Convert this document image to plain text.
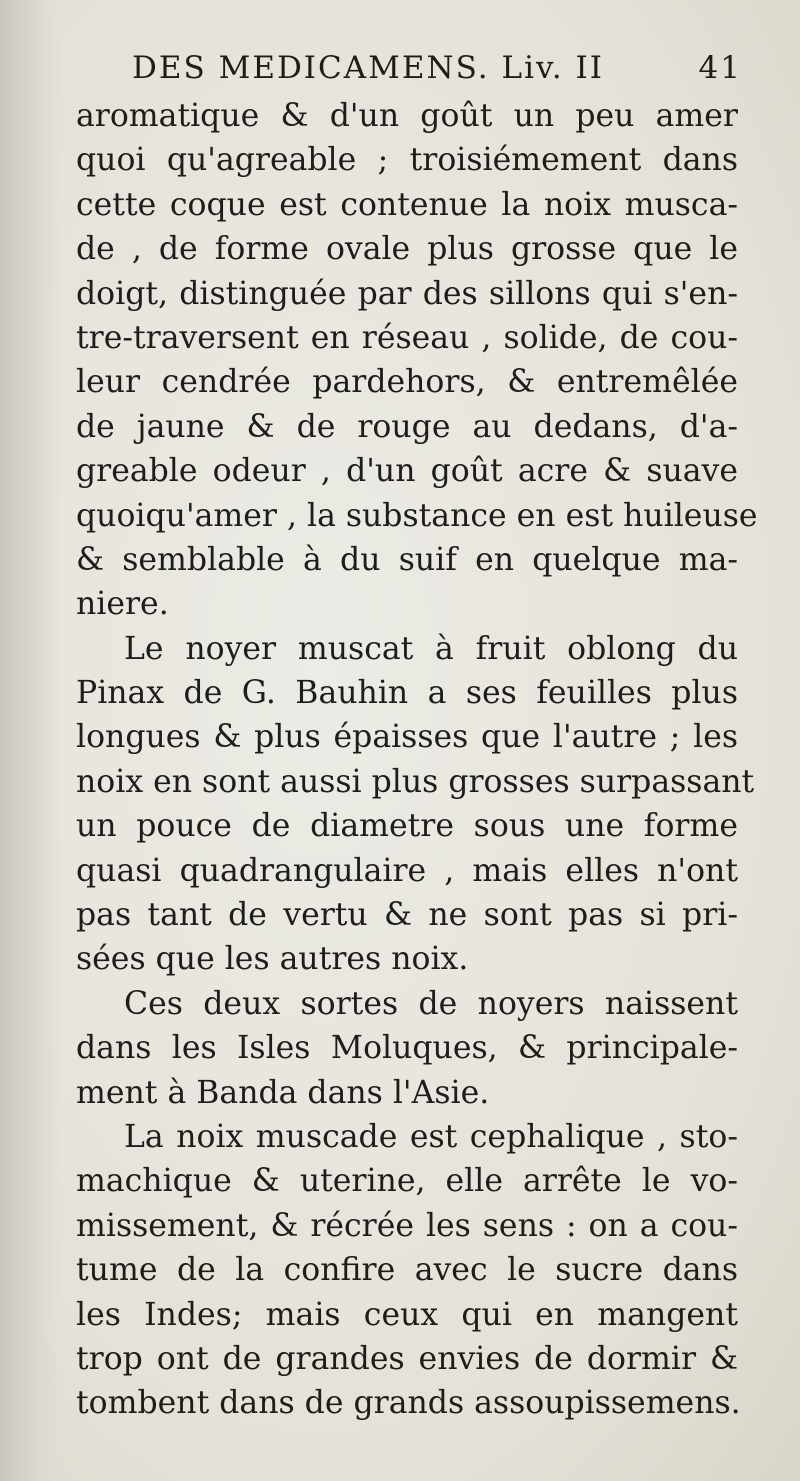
DES MEDICAMENS. Liv. II	41
aromatique & d'un goût un peu amer
quoi qu'agreable ; troisiémement dans
cette coque est contenue la noix musca-
de , de forme ovale plus grosse que le
doigt, distinguée par des sillons qui s'en-
tre-traversent en réseau , solide, de cou-
leur cendrée pardehors, & entremêlée
de jaune & de rouge au dedans, d'a-
greable odeur , d'un goût acre & suave
quoiqu'amer , la substance en est huileuse
& semblable à du suif en quelque ma-
niere.
Le noyer muscat à fruit oblong du
Pinax de G. Bauhin a ses feuilles plus
longues & plus épaisses que l'autre ; les
noix en sont aussi plus grosses surpassant
un pouce de diametre sous une forme
quasi quadrangulaire , mais elles n'ont
pas tant de vertu & ne sont pas si pri-
sées que les autres noix.
Ces deux sortes de noyers naissent
dans les Isles Moluques, & principale-
ment à Banda dans l'Asie.
La noix muscade est cephalique , sto-
machique & uterine, elle arrête le vo-
missement, & récrée les sens : on a cou-
tume de la confire avec le sucre dans
les Indes; mais ceux qui en mangent
trop ont de grandes envies de dormir &
tombent dans de grands assoupissemens.
